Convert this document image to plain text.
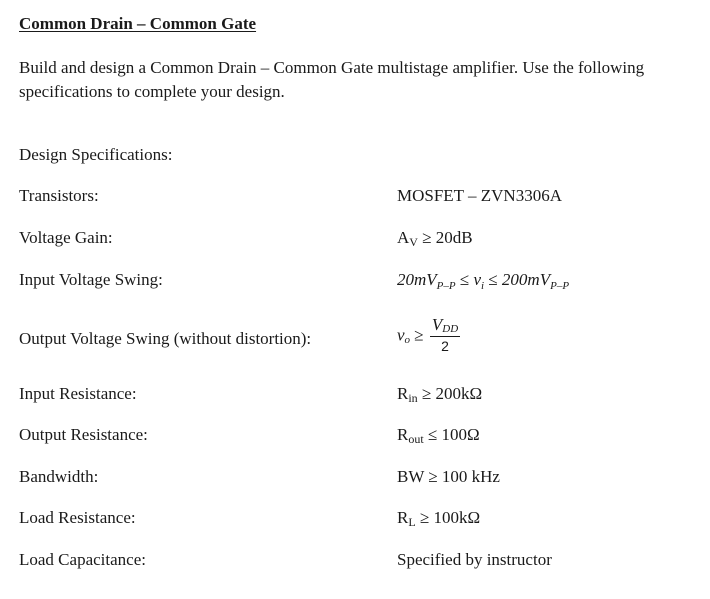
Common Drain – Common Gate
Build and design a Common Drain – Common Gate multistage amplifier. Use the following specifications to complete your design.
Design Specifications:
Transistors:	MOSFET – ZVN3306A
Voltage Gain:	AV ≥ 20dB
Input Voltage Swing:	$20mV_{P-P} \le v_i \le 200mV_{P-P}$
Output Voltage Swing (without distortion):	$v_o \ge \frac{\text{VDD}}{2}$
Input Resistance:	Rin ≥ 200kΩ
Output Resistance:	Rout ≤ 100Ω
Bandwidth:	BW ≥ 100 kHz
Load Resistance:	RL ≥ 100kΩ
Load Capacitance:	Specified by instructor
